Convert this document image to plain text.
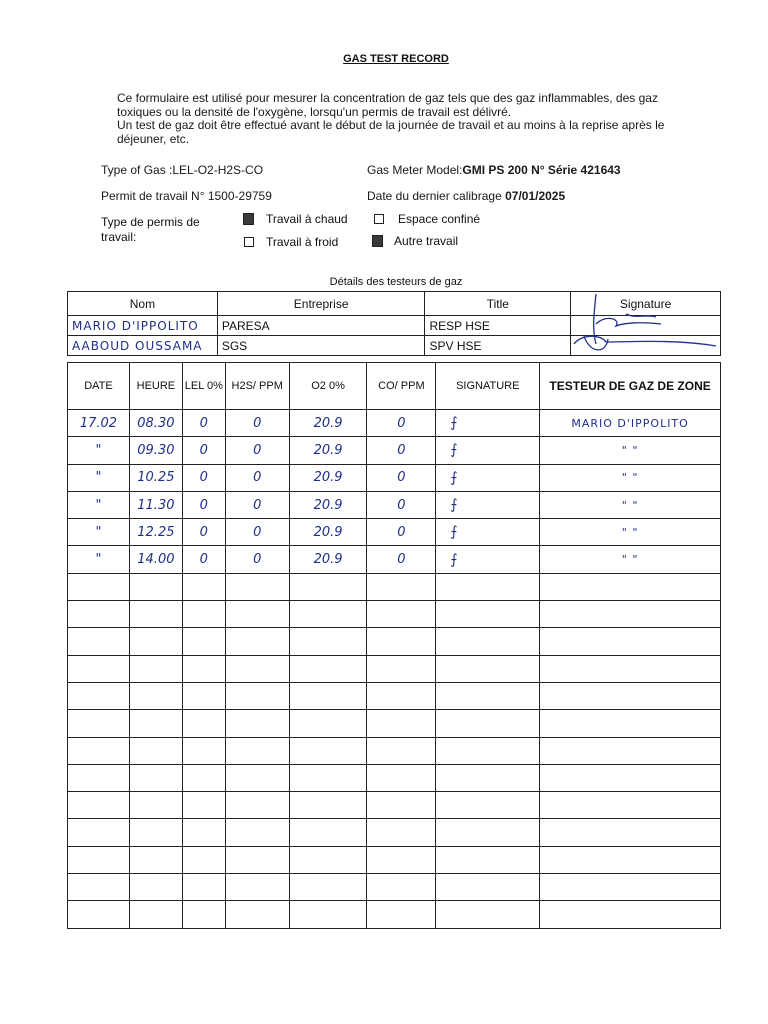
GAS TEST RECORD

Ce formulaire est utilisé pour mesurer la concentration de gaz tels que des gaz inflammables, des gaz toxiques ou la densité de l'oxygène, lorsqu'un permis de travail est délivré.

Un test de gaz doit être effectué avant le début de la journée de travail et au moins à la reprise après le déjeuner, etc.

Type of Gas :LEL-O2-H2S-CO	Gas Meter Model:GMI PS 200 N° Série 421643
Permit de travail N° 1500-29759	Date du dernier calibrage 07/01/2025
Type de permis de travail:
Travail à chaud	Espace confiné
Travail à froid	Autre travail
Détails des testeurs de gaz
Nom	Entreprise	Title	Signature
MARIO D'IPPOLITO	PARESA	RESP HSE	
AABOUD OUSSAMA	SGS	SPV HSE	
DATE	HEURE	LEL 0%	H2S/ PPM	O2 0%	CO/ PPM	SIGNATURE	TESTEUR DE GAZ DE ZONE
17.02	08.30	0	0	20.9	0	⨍	MARIO D'IPPOLITO
"	09.30	0	0	20.9	0	⨍	" "
"	10.25	0	0	20.9	0	⨍	" "
"	11.30	0	0	20.9	0	⨍	" "
"	12.25	0	0	20.9	0	⨍	" "
"	14.00	0	0	20.9	0	⨍	" "
